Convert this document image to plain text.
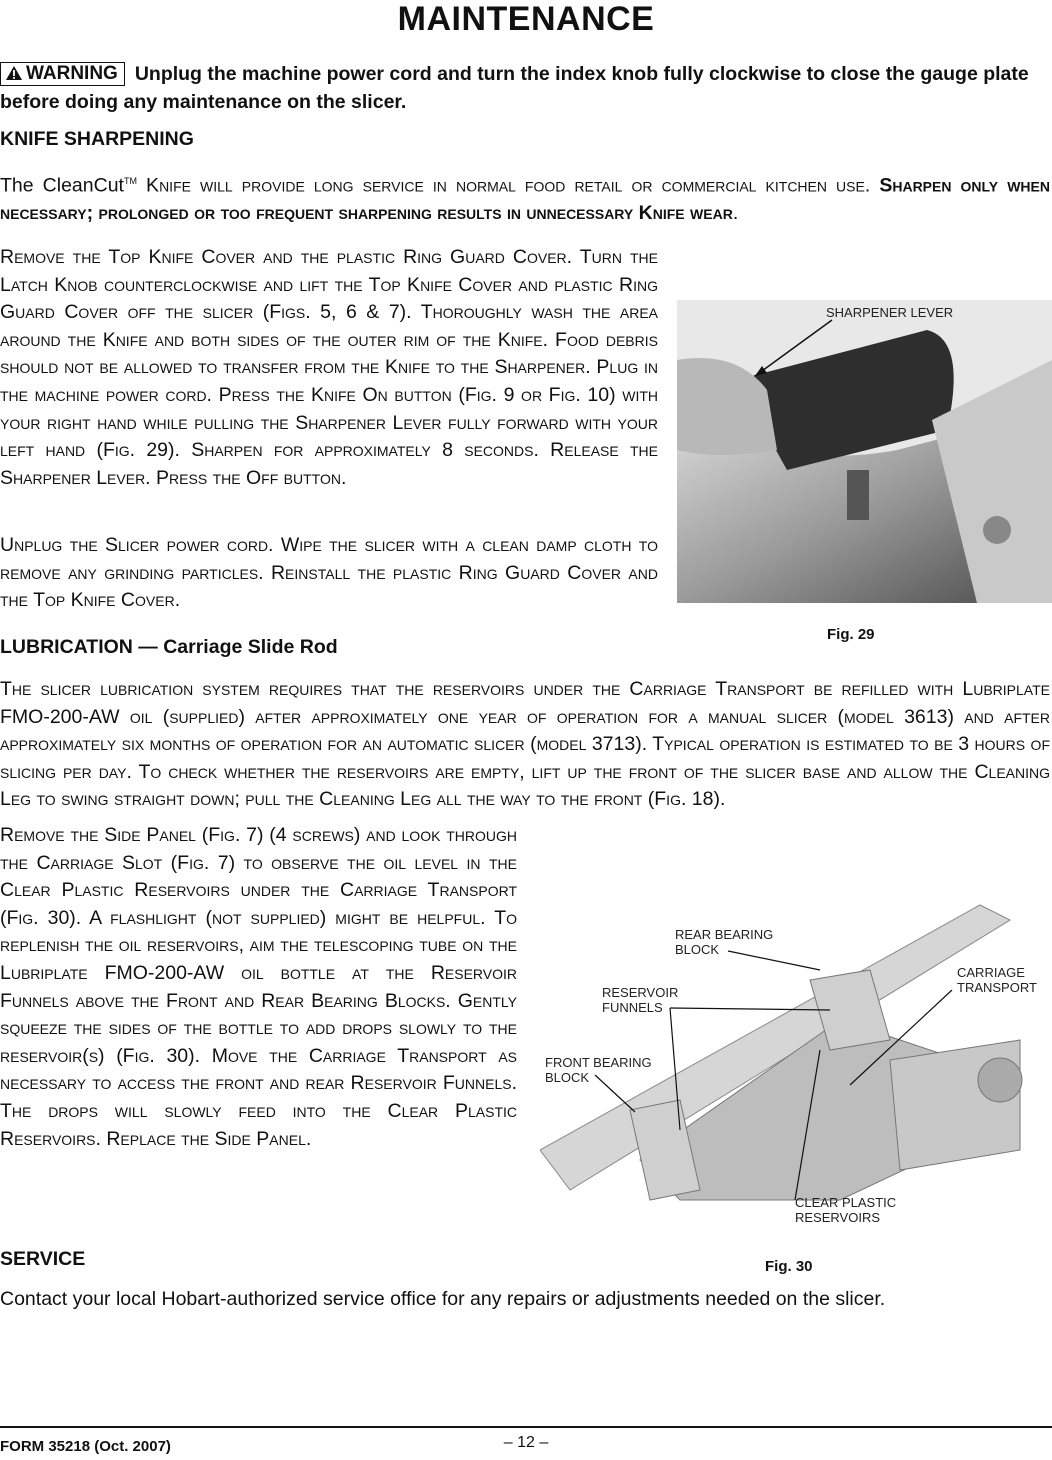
MAINTENANCE
WARNING Unplug the machine power cord and turn the index knob fully clockwise to close the gauge plate before doing any maintenance on the slicer.
KNIFE SHARPENING
The CleanCut™ Knife will provide long service in normal food retail or commercial kitchen use. Sharpen only when necessary; prolonged or too frequent sharpening results in unnecessary Knife wear.
Remove the Top Knife Cover and the plastic Ring Guard Cover. Turn the Latch Knob counterclockwise and lift the Top Knife Cover and plastic Ring Guard Cover off the slicer (Figs. 5, 6 & 7). Thoroughly wash the area around the Knife and both sides of the outer rim of the Knife. Food debris should not be allowed to transfer from the Knife to the Sharpener. Plug in the machine power cord. Press the Knife On button (Fig. 9 or Fig. 10) with your right hand while pulling the Sharpener Lever fully forward with your left hand (Fig. 29). Sharpen for approximately 8 seconds. Release the Sharpener Lever. Press the Off button.
Unplug the Slicer power cord. Wipe the slicer with a clean damp cloth to remove any grinding particles. Reinstall the plastic Ring Guard Cover and the Top Knife Cover.
SHARPENER LEVER
Fig. 29
LUBRICATION — Carriage Slide Rod
The slicer lubrication system requires that the reservoirs under the Carriage Transport be refilled with Lubriplate FMO-200-AW oil (supplied) after approximately one year of operation for a manual slicer (model 3613) and after approximately six months of operation for an automatic slicer (model 3713). Typical operation is estimated to be 3 hours of slicing per day. To check whether the reservoirs are empty, lift up the front of the slicer base and allow the Cleaning Leg to swing straight down; pull the Cleaning Leg all the way to the front (Fig. 18).
Remove the Side Panel (Fig. 7) (4 screws) and look through the Carriage Slot (Fig. 7) to observe the oil level in the Clear Plastic Reservoirs under the Carriage Transport (Fig. 30). A flashlight (not supplied) might be helpful. To replenish the oil reservoirs, aim the telescoping tube on the Lubriplate FMO-200-AW oil bottle at the Reservoir Funnels above the Front and Rear Bearing Blocks. Gently squeeze the sides of the bottle to add drops slowly to the reservoir(s) (Fig. 30). Move the Carriage Transport as necessary to access the front and rear Reservoir Funnels. The drops will slowly feed into the Clear Plastic Reservoirs. Replace the Side Panel.
REAR BEARING
BLOCK
CARRIAGE
TRANSPORT
RESERVOIR
FUNNELS
FRONT BEARING
BLOCK
CLEAR PLASTIC
RESERVOIRS
Fig. 30
SERVICE
Contact your local Hobart-authorized service office for any repairs or adjustments needed on the slicer.
– 12 –
FORM 35218 (Oct. 2007)
